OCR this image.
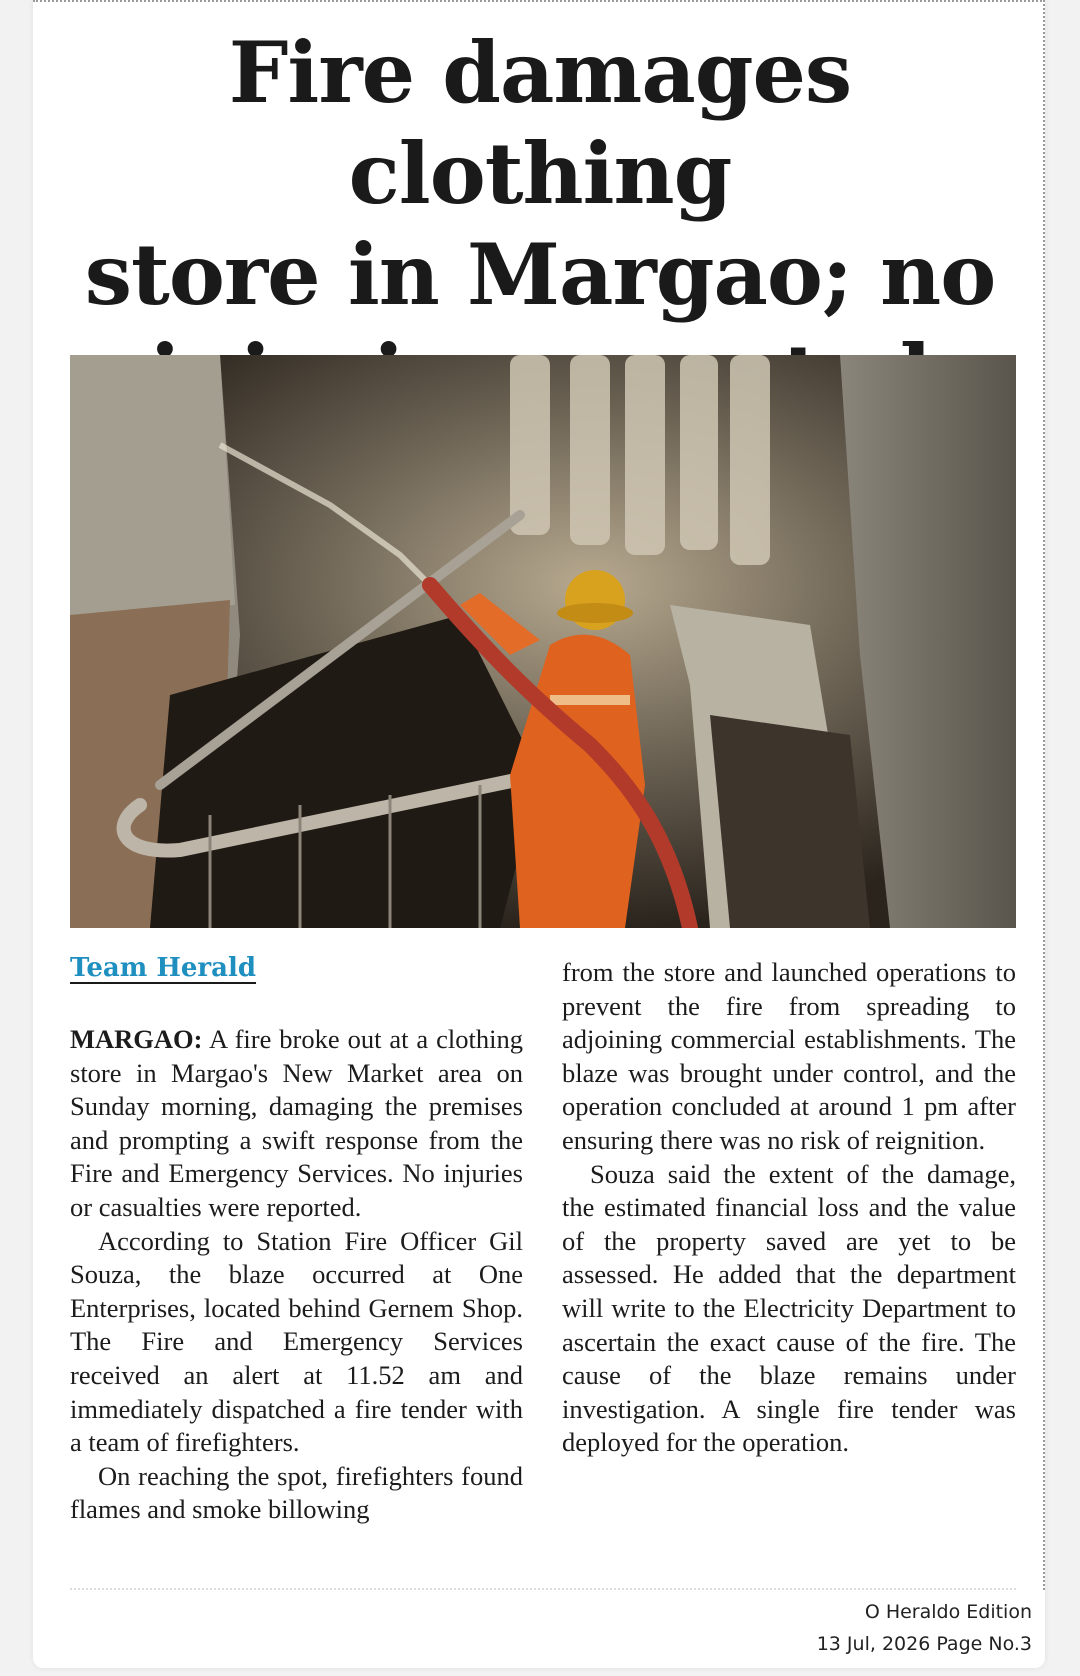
Fire damages clothing
store in Margao; no

Team Herald

MARGAO: A fire broke out at a clothing store in Margao's New Market area on Sunday morning, damaging the premises and prompting a swift response from the Fire and Emergency Services. No injuries or casualties were reported.

According to Station Fire Officer Gil Souza, the blaze occurred at One Enterprises, located behind Gernem Shop. The Fire and Emergency Services received an alert at 11.52 am and immediately dispatched a fire tender with a team of firefighters.

On reaching the spot, firefighters found flames and smoke billowing

from the store and launched operations to prevent the fire from spreading to adjoining commercial establishments. The blaze was brought under control, and the operation concluded at around 1 pm after ensuring there was no risk of reignition.

Souza said the extent of the damage, the estimated financial loss and the value of the property saved are yet to be assessed. He added that the department will write to the Electricity Department to ascertain the exact cause of the fire. The cause of the blaze remains under investigation. A single fire tender was deployed for the operation.

O Heraldo Edition
13 Jul, 2026 Page No.3
